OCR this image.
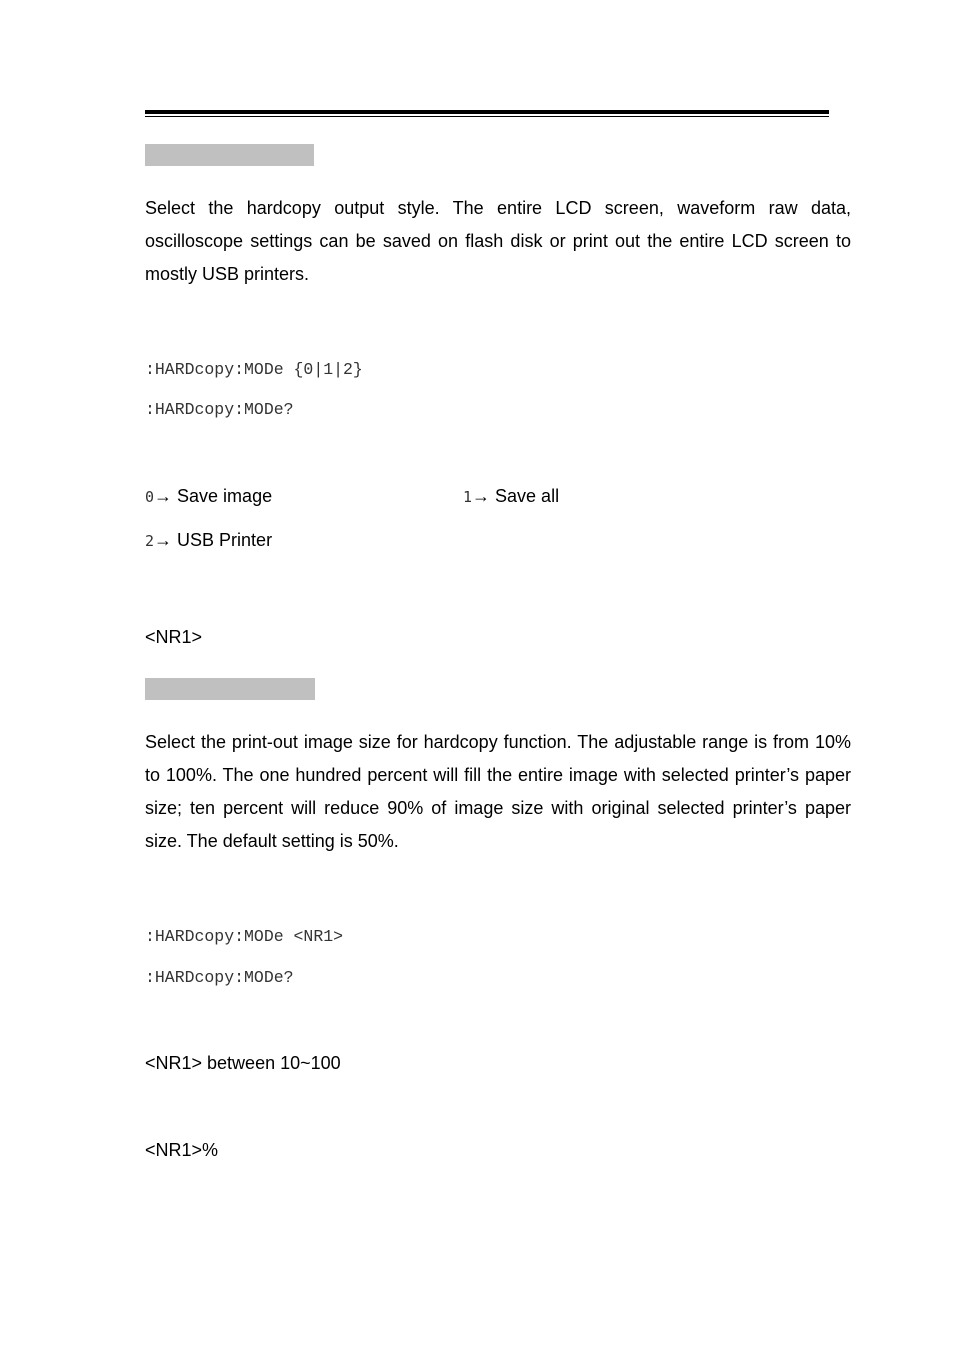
Select the hardcopy output style. The entire LCD screen, waveform raw data, oscilloscope settings can be saved on flash disk or print out the entire LCD screen to mostly USB printers.

:HARDcopy:MODe {0|1|2}
:HARDcopy:MODe?
0→ Save image	1→ Save all
2→ USB Printer
<NR1>

Select the print-out image size for hardcopy function. The adjustable range is from 10% to 100%. The one hundred percent will fill the entire image with selected printer’s paper size; ten percent will reduce 90% of image size with original selected printer’s paper size. The default setting is 50%.

:HARDcopy:MODe <NR1>
:HARDcopy:MODe?
<NR1> between 10~100
<NR1>%
